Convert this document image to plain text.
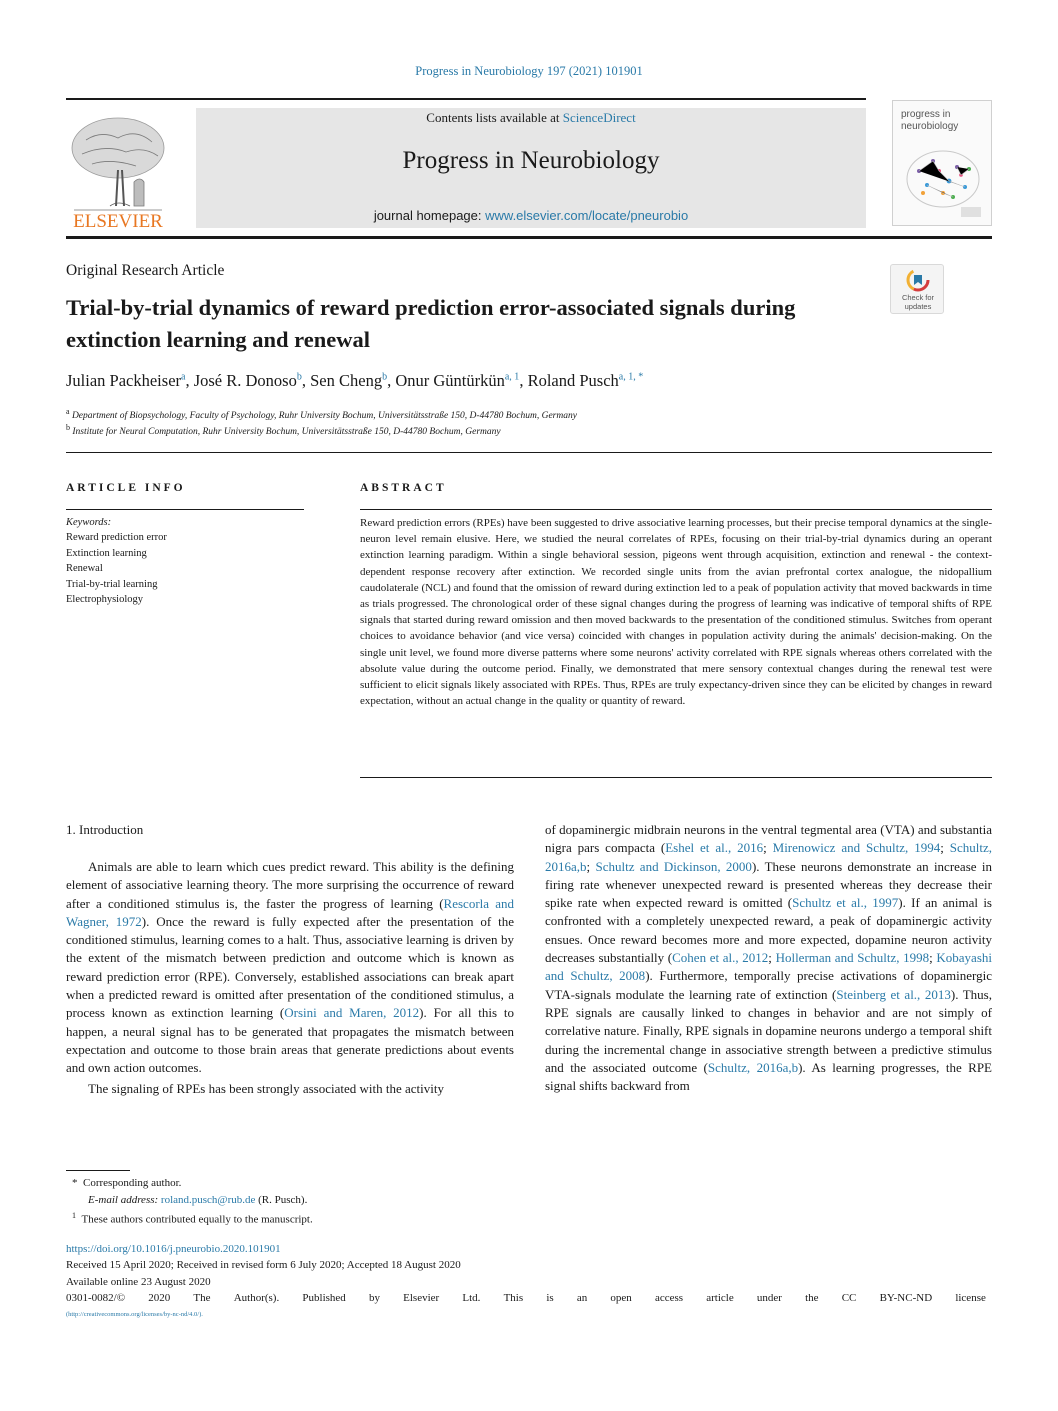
Progress in Neurobiology 197 (2021) 101901
ELSEVIER
Contents lists available at ScienceDirect
Progress in Neurobiology
journal homepage: www.elsevier.com/locate/pneurobio
progress in
neurobiology
Original Research Article
Trial-by-trial dynamics of reward prediction error-associated signals during
extinction learning and renewal
Check for
updates
Julian Packheiser$^a$, José R. Donoso$^b$, Sen Cheng$^b$, Onur Güntürkün$^{a, 1}$, Roland Pusch$^{a, 1, *}$
$^a$ Department of Biopsychology, Faculty of Psychology, Ruhr University Bochum, Universitätsstraße 150, D-44780 Bochum, Germany
$^b$ Institute for Neural Computation, Ruhr University Bochum, Universitätsstraße 150, D-44780 Bochum, Germany
ARTICLE INFO
Keywords:
Reward prediction error
Extinction learning
Renewal
Trial-by-trial learning
Electrophysiology
ABSTRACT
Reward prediction errors (RPEs) have been suggested to drive associative learning processes, but their precise temporal dynamics at the single-neuron level remain elusive. Here, we studied the neural correlates of RPEs, focusing on their trial-by-trial dynamics during an operant extinction learning paradigm. Within a single behavioral session, pigeons went through acquisition, extinction and renewal - the context-dependent response recovery after extinction. We recorded single units from the avian prefrontal cortex analogue, the nidopallium caudolaterale (NCL) and found that the omission of reward during extinction led to a peak of population activity that moved backwards in time as trials progressed. The chronological order of these signal changes during the progress of learning was indicative of temporal shifts of RPE signals that started during reward omission and then moved backwards to the presentation of the conditioned stimulus. Switches from operant choices to avoidance behavior (and vice versa) coincided with changes in population activity during the animals' decision-making. On the single unit level, we found more diverse patterns where some neurons' activity correlated with RPE signals whereas others correlated with the absolute value during the outcome period. Finally, we demonstrated that mere sensory contextual changes during the renewal test were sufficient to elicit signals likely associated with RPEs. Thus, RPEs are truly expectancy-driven since they can be elicited by changes in reward expectation, without an actual change in the quality or quantity of reward.
1. Introduction

Animals are able to learn which cues predict reward. This ability is the defining element of associative learning theory. The more surprising the occurrence of reward after a conditioned stimulus is, the faster the progress of learning (Rescorla and Wagner, 1972). Once the reward is fully expected after the presentation of the conditioned stimulus, learning comes to a halt. Thus, associative learning is driven by the extent of the mismatch between prediction and outcome which is known as reward prediction error (RPE). Conversely, established associations can break apart when a predicted reward is omitted after presentation of the conditioned stimulus, a process known as extinction learning (Orsini and Maren, 2012). For all this to happen, a neural signal has to be generated that propagates the mismatch between expectation and outcome to those brain areas that generate predictions about events and own action outcomes.

The signaling of RPEs has been strongly associated with the activity

of dopaminergic midbrain neurons in the ventral tegmental area (VTA) and substantia nigra pars compacta (Eshel et al., 2016; Mirenowicz and Schultz, 1994; Schultz, 2016a,b; Schultz and Dickinson, 2000). These neurons demonstrate an increase in firing rate whenever unexpected reward is presented whereas they decrease their spike rate when expected reward is omitted (Schultz et al., 1997). If an animal is confronted with a completely unexpected reward, a peak of dopaminergic activity ensues. Once reward becomes more and more expected, dopamine neuron activity decreases substantially (Cohen et al., 2012; Hollerman and Schultz, 1998; Kobayashi and Schultz, 2008). Furthermore, temporally precise activations of dopaminergic VTA-signals modulate the learning rate of extinction (Steinberg et al., 2013). Thus, RPE signals are causally linked to changes in behavior and are not simply of correlative nature. Finally, RPE signals in dopamine neurons undergo a temporal shift during the incremental change in associative strength between a predictive stimulus and the associated outcome (Schultz, 2016a,b). As learning progresses, the RPE signal shifts backward from

* Corresponding author.
E-mail address: roland.pusch@rub.de (R. Pusch).
$^1$ These authors contributed equally to the manuscript.
https://doi.org/10.1016/j.pneurobio.2020.101901
Received 15 April 2020; Received in revised form 6 July 2020; Accepted 18 August 2020
Available online 23 August 2020
0301-0082/© 2020 The Author(s). Published by Elsevier Ltd. This is an open access article under the CC BY-NC-ND license
(http://creativecommons.org/licenses/by-nc-nd/4.0/).
